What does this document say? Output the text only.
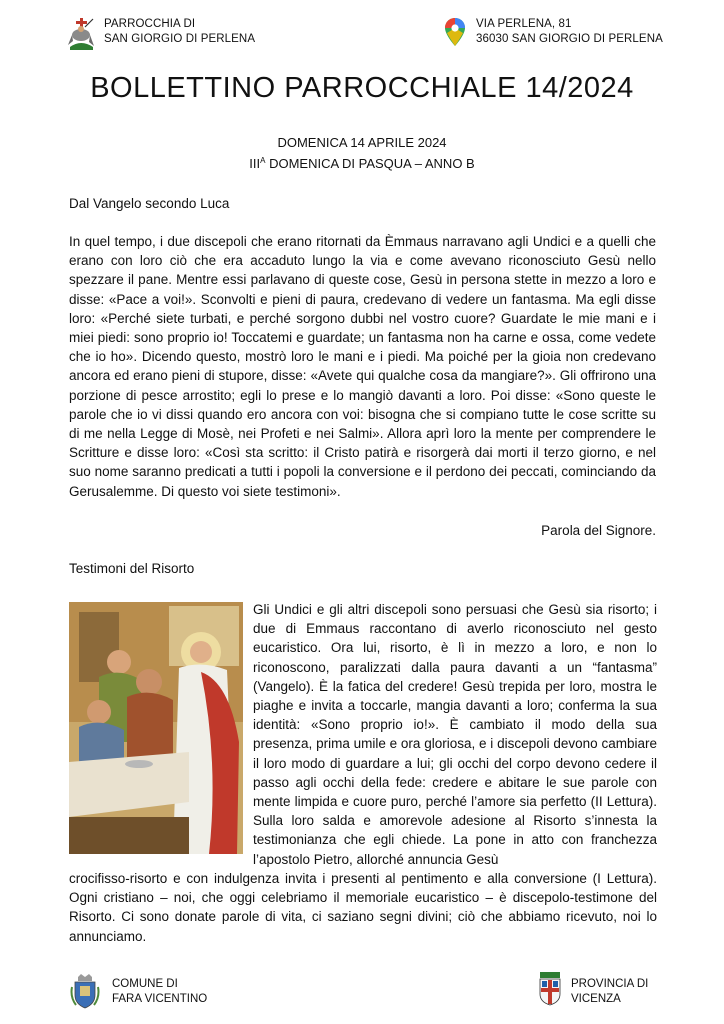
PARROCCHIA DI
SAN GIORGIO DI PERLENA
VIA PERLENA, 81
36030 SAN GIORGIO DI PERLENA
BOLLETTINO PARROCCHIALE 14/2024
DOMENICA 14 APRILE 2024
$III^A$ DOMENICA DI PASQUA – ANNO B
Dal Vangelo secondo Luca
In quel tempo, i due discepoli che erano ritornati da Èmmaus narravano agli Undici e a quelli che erano con loro ciò che era accaduto lungo la via e come avevano riconosciuto Gesù nello spezzare il pane. Mentre essi parlavano di queste cose, Gesù in persona stette in mezzo a loro e disse: «Pace a voi!». Sconvolti e pieni di paura, credevano di vedere un fantasma. Ma egli disse loro: «Perché siete turbati, e perché sorgono dubbi nel vostro cuore? Guardate le mie mani e i miei piedi: sono proprio io! Toccatemi e guardate; un fantasma non ha carne e ossa, come vedete che io ho». Dicendo questo, mostrò loro le mani e i piedi. Ma poiché per la gioia non credevano ancora ed erano pieni di stupore, disse: «Avete qui qualche cosa da mangiare?». Gli offrirono una porzione di pesce arrostito; egli lo prese e lo mangiò davanti a loro. Poi disse: «Sono queste le parole che io vi dissi quando ero ancora con voi: bisogna che si compiano tutte le cose scritte su di me nella Legge di Mosè, nei Profeti e nei Salmi». Allora aprì loro la mente per comprendere le Scritture e disse loro: «Così sta scritto: il Cristo patirà e risorgerà dai morti il terzo giorno, e nel suo nome saranno predicati a tutti i popoli la conversione e il perdono dei peccati, cominciando da Gerusalemme. Di questo voi siete testimoni».
Parola del Signore.
Testimoni del Risorto
Gli Undici e gli altri discepoli sono persuasi che Gesù sia risorto; i due di Emmaus raccontano di averlo riconosciuto nel gesto eucaristico. Ora lui, risorto, è lì in mezzo a loro, e non lo riconoscono, paralizzati dalla paura davanti a un “fantasma” (Vangelo). È la fatica del credere! Gesù trepida per loro, mostra le piaghe e invita a toccarle, mangia davanti a loro; conferma la sua identità: «Sono proprio io!». È cambiato il modo della sua presenza, prima umile e ora gloriosa, e i discepoli devono cambiare il loro modo di guardare a lui; gli occhi del corpo devono cedere il passo agli occhi della fede: credere e abitare le sue parole con mente limpida e cuore puro, perché l’amore sia perfetto (II Lettura). Sulla loro salda e amorevole adesione al Risorto s’innesta la testimonianza che egli chiede. La pone in atto con franchezza l’apostolo Pietro, allorché annuncia Gesù
crocifisso-risorto e con indulgenza invita i presenti al pentimento e alla conversione (I Lettura). Ogni cristiano – noi, che oggi celebriamo il memoriale eucaristico – è discepolo-testimone del Risorto. Ci sono donate parole di vita, ci saziano segni divini; ciò che abbiamo ricevuto, noi lo annunciamo.
COMUNE DI
FARA VICENTINO
PROVINCIA DI
VICENZA
